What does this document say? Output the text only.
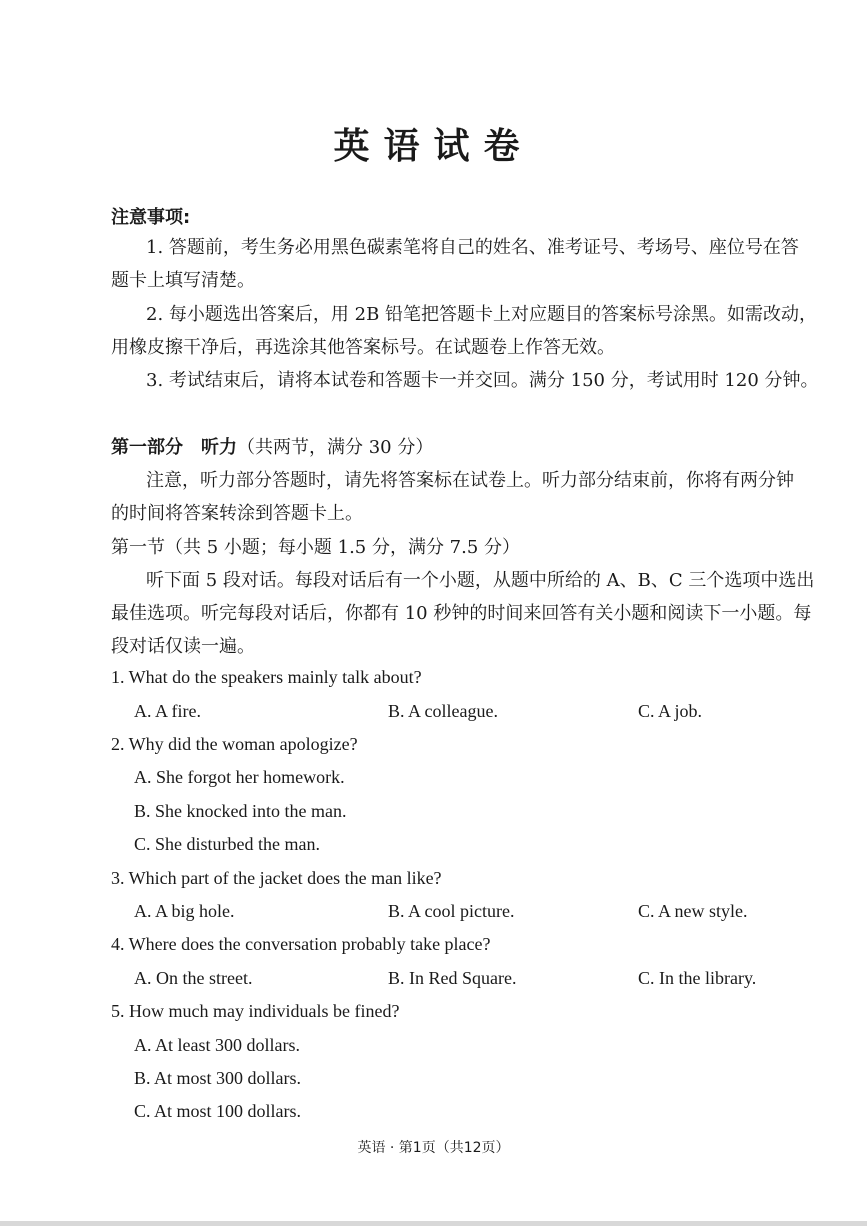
英语试卷
注意事项:
1. 答题前，考生务必用黑色碳素笔将自己的姓名、准考证号、考场号、座位号在答
题卡上填写清楚。
2. 每小题选出答案后，用 2B 铅笔把答题卡上对应题目的答案标号涂黑。如需改动，
用橡皮擦干净后，再选涂其他答案标号。在试题卷上作答无效。
3. 考试结束后，请将本试卷和答题卡一并交回。满分 150 分，考试用时 120 分钟。
第一部分　听力（共两节，满分 30 分）
注意，听力部分答题时，请先将答案标在试卷上。听力部分结束前，你将有两分钟
的时间将答案转涂到答题卡上。
第一节（共 5 小题；每小题 1.5 分，满分 7.5 分）
听下面 5 段对话。每段对话后有一个小题，从题中所给的 A、B、C 三个选项中选出
最佳选项。听完每段对话后，你都有 10 秒钟的时间来回答有关小题和阅读下一小题。每
段对话仅读一遍。
1. What do the speakers mainly talk about?
A. A fire.	B. A colleague.	C. A job.
2. Why did the woman apologize?
A. She forgot her homework.
B. She knocked into the man.
C. She disturbed the man.
3. Which part of the jacket does the man like?
A. A big hole.	B. A cool picture.	C. A new style.
4. Where does the conversation probably take place?
A. On the street.	B. In Red Square.	C. In the library.
5. How much may individuals be fined?
A. At least 300 dollars.
B. At most 300 dollars.
C. At most 100 dollars.
英语 · 第1页（共12页）
